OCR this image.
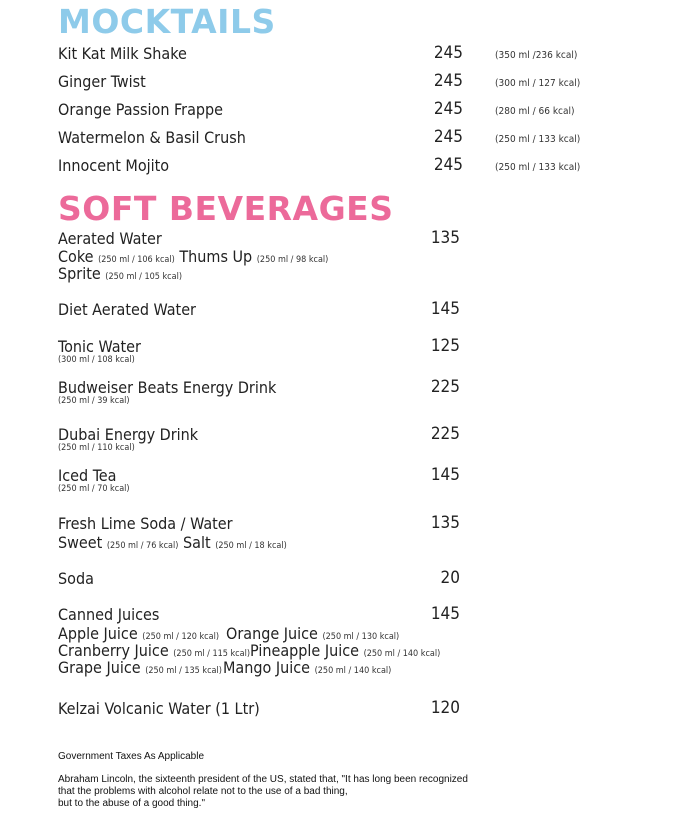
MOCKTAILS
Kit Kat Milk Shake	245	(350 ml /236 kcal)
Ginger Twist	245	(300 ml / 127 kcal)
Orange Passion Frappe	245	(280 ml / 66 kcal)
Watermelon & Basil Crush	245	(250 ml / 133 kcal)
Innocent Mojito	245	(250 ml / 133 kcal)
SOFT BEVERAGES
Aerated Water	135
Coke (250 ml / 106 kcal) Thums Up (250 ml / 98 kcal)
Sprite (250 ml / 105 kcal)
Diet Aerated Water	145
Tonic Water	125
(300 ml / 108 kcal)
Budweiser Beats Energy Drink	225
(250 ml / 39 kcal)
Dubai Energy Drink	225
(250 ml / 110 kcal)
Iced Tea	145
(250 ml / 70 kcal)
Fresh Lime Soda / Water	135
Sweet (250 ml / 76 kcal) Salt (250 ml / 18 kcal)
Soda	20
Canned Juices	145
Apple Juice (250 ml / 120 kcal) Orange Juice (250 ml / 130 kcal)
Cranberry Juice (250 ml / 115 kcal) Pineapple Juice (250 ml / 140 kcal)
Grape Juice (250 ml / 135 kcal) Mango Juice (250 ml / 140 kcal)
Kelzai Volcanic Water (1 Ltr)	120
Government Taxes As Applicable
Abraham Lincoln, the sixteenth president of the US, stated that, "It has long been recognized
that the problems with alcohol relate not to the use of a bad thing,
but to the abuse of a good thing."
